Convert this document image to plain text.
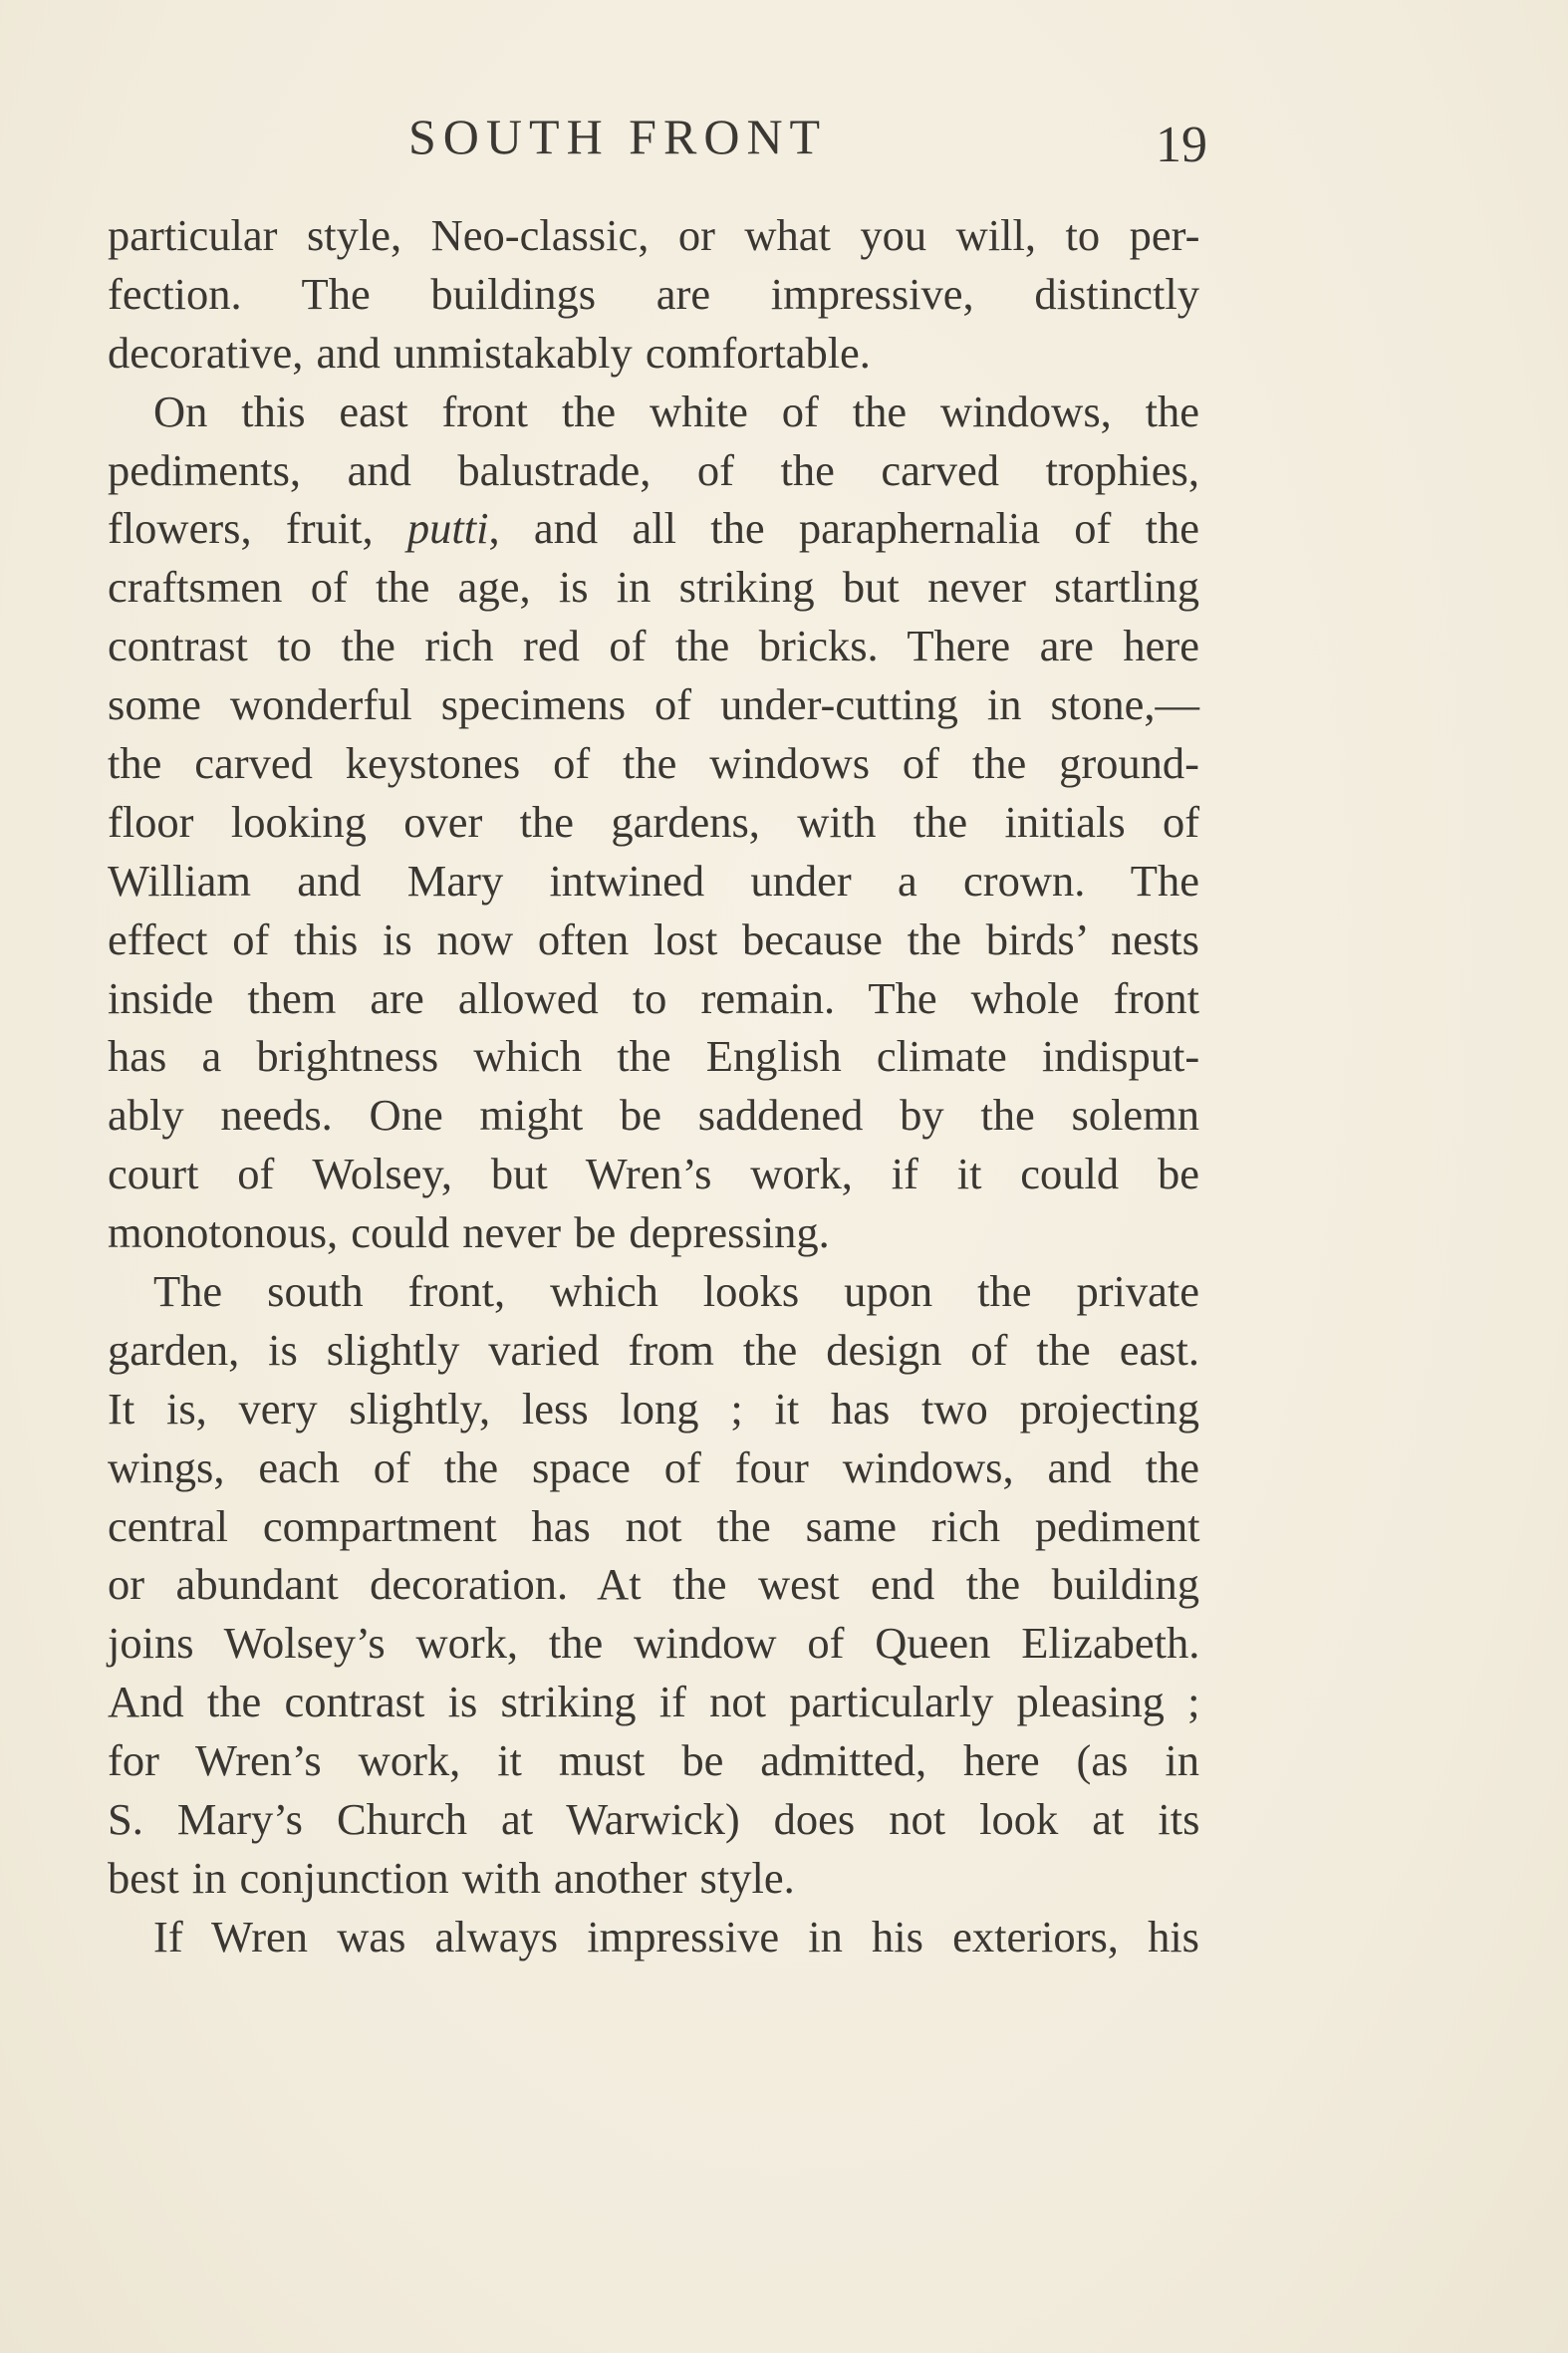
SOUTH FRONT	19
particular style, Neo-classic, or what you will, to per-
fection. The buildings are impressive, distinctly
decorative, and unmistakably comfortable.
On this east front the white of the windows, the
pediments, and balustrade, of the carved trophies,
flowers, fruit, putti, and all the paraphernalia of the
craftsmen of the age, is in striking but never startling
contrast to the rich red of the bricks. There are here
some wonderful specimens of under-cutting in stone,—
the carved keystones of the windows of the ground-
floor looking over the gardens, with the initials of
William and Mary intwined under a crown. The
effect of this is now often lost because the birds’ nests
inside them are allowed to remain. The whole front
has a brightness which the English climate indisput-
ably needs. One might be saddened by the solemn
court of Wolsey, but Wren’s work, if it could be
monotonous, could never be depressing.
The south front, which looks upon the private
garden, is slightly varied from the design of the east.
It is, very slightly, less long ; it has two projecting
wings, each of the space of four windows, and the
central compartment has not the same rich pediment
or abundant decoration. At the west end the building
joins Wolsey’s work, the window of Queen Elizabeth.
And the contrast is striking if not particularly pleasing ;
for Wren’s work, it must be admitted, here (as in
S. Mary’s Church at Warwick) does not look at its
best in conjunction with another style.
If Wren was always impressive in his exteriors, his
